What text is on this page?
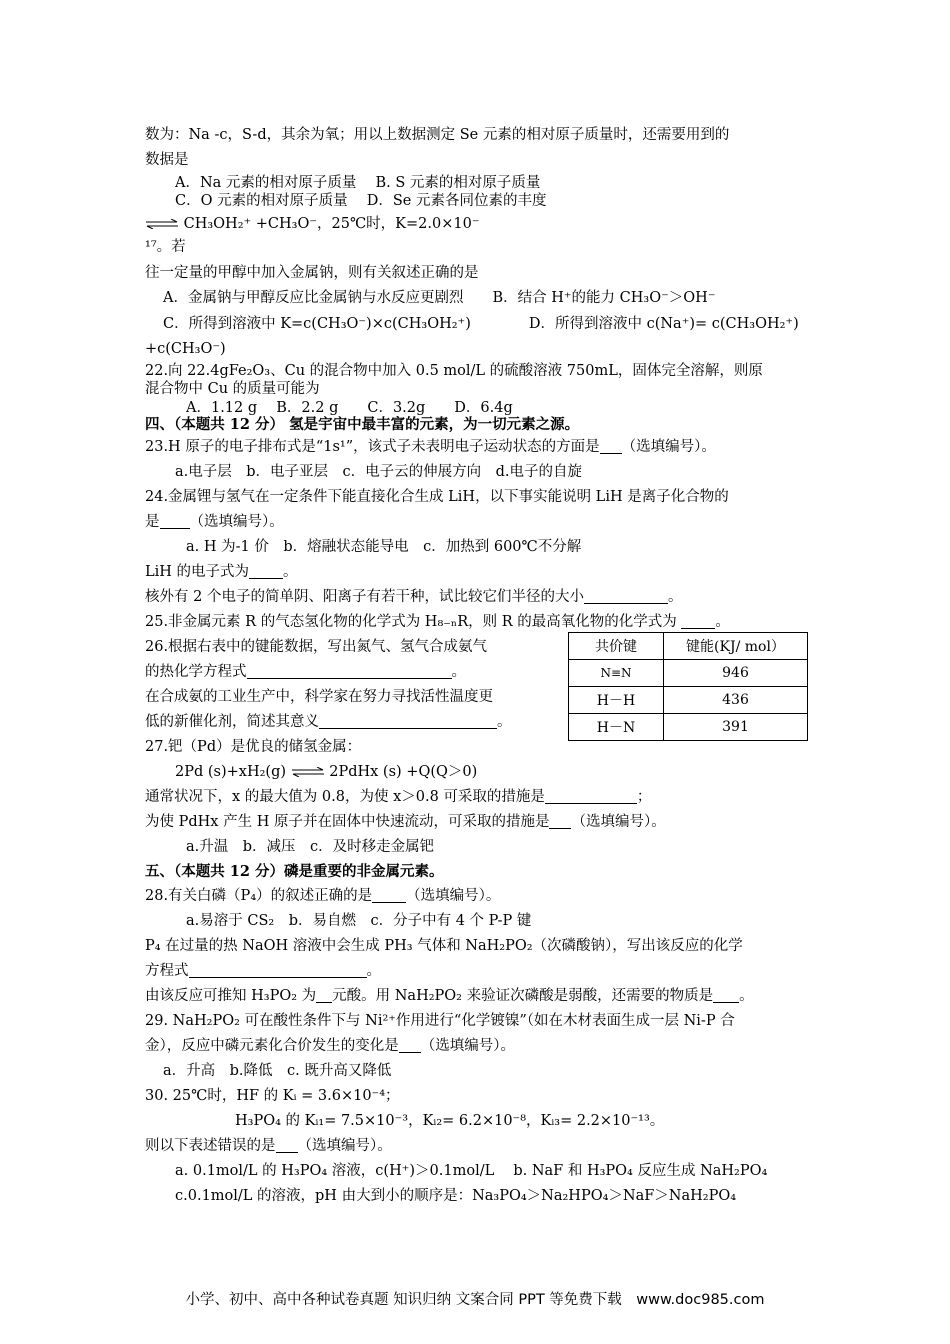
数为：Na -c，S-d，其余为氧；用以上数据测定 Se 元素的相对原子质量时，还需要用到的
数据是
A．Na 元素的相对原子质量　 B. S 元素的相对原子质量
C．O 元素的相对原子质量　 D．Se 元素各同位素的丰度
⇌ CH₃OH₂⁺ +CH₃O⁻，25℃时，K=2.0×10⁻
¹⁷。若
往一定量的甲醇中加入金属钠，则有关叙述正确的是
A．金属钠与甲醇反应比金属钠与水反应更剧烈　　B．结合 H⁺的能力 CH₃O⁻＞OH⁻
C．所得到溶液中 K=c(CH₃O⁻)×c(CH₃OH₂⁺)　　　　D．所得到溶液中 c(Na⁺)= c(CH₃OH₂⁺)
+c(CH₃O⁻)
22.向 22.4gFe₂O₃、Cu 的混合物中加入 0.5 mol/L 的硫酸溶液 750mL，固体完全溶解，则原
混合物中 Cu 的质量可能为
A．1.12 g　 B．2.2 g　　C．3.2g　　D．6.4g
四、（本题共 12 分） 氢是宇宙中最丰富的元素，为一切元素之源。
23.H 原子的电子排布式是“1s¹”，该式子未表明电子运动状态的方面是 （选填编号）。
a.电子层　b．电子亚层　c．电子云的伸展方向　d.电子的自旋
24.金属锂与氢气在一定条件下能直接化合生成 LiH，以下事实能说明 LiH 是离子化合物的
是 （选填编号）。
a. H 为-1 价　b．熔融状态能导电　c．加热到 600℃不分解
LiH 的电子式为 。
核外有 2 个电子的简单阴、阳离子有若干种，试比较它们半径的大小	。
25.非金属元素 R 的气态氢化物的化学式为 H₈₋ₙR，则 R 的最高氧化物的化学式为 。
26.根据右表中的键能数据，写出氮气、氢气合成氨气
的热化学方程式	。
在合成氨的工业生产中，科学家在努力寻找活性温度更
低的新催化剂，简述其意义	。
共价键	键能(KJ/ mol）
N≡N	946
H－H	436
H－N	391
27.钯（Pd）是优良的储氢金属：
2Pd (s)+xH₂(g) ⇌ 2PdHx (s) +Q(Q＞0)
通常状况下，x 的最大值为 0.8，为使 x＞0.8 可采取的措施是	；
为使 PdHx 产生 H 原子并在固体中快速流动，可采取的措施是 （选填编号）。
a.升温　b．减压　c．及时移走金属钯
五、（本题共 12 分）磷是重要的非金属元素。
28.有关白磷（P₄）的叙述正确的是 （选填编号）。
a.易溶于 CS₂　b．易自燃　c．分子中有 4 个 P-P 键
P₄ 在过量的热 NaOH 溶液中会生成 PH₃ 气体和 NaH₂PO₂（次磷酸钠），写出该反应的化学
方程式	。
由该反应可推知 H₃PO₂ 为 元酸。用 NaH₂PO₂ 来验证次磷酸是弱酸，还需要的物质是 。
29. NaH₂PO₂ 可在酸性条件下与 Ni²⁺作用进行“化学镀镍”（如在木材表面生成一层 Ni-P 合
金），反应中磷元素化合价发生的变化是 （选填编号）。
a．升高　b.降低　c. 既升高又降低
30. 25℃时，HF 的 Kᵢ = 3.6×10⁻⁴；
H₃PO₄ 的 Kᵢ₁= 7.5×10⁻³，Kᵢ₂= 6.2×10⁻⁸，Kᵢ₃= 2.2×10⁻¹³。
则以下表述错误的是 （选填编号）。
a. 0.1mol/L 的 H₃PO₄ 溶液，c(H⁺)＞0.1mol/L　 b. NaF 和 H₃PO₄ 反应生成 NaH₂PO₄
c.0.1mol/L 的溶液，pH 由大到小的顺序是：Na₃PO₄＞Na₂HPO₄＞NaF＞NaH₂PO₄
小学、初中、高中各种试卷真题 知识归纳 文案合同 PPT 等免费下载　www.doc985.com
